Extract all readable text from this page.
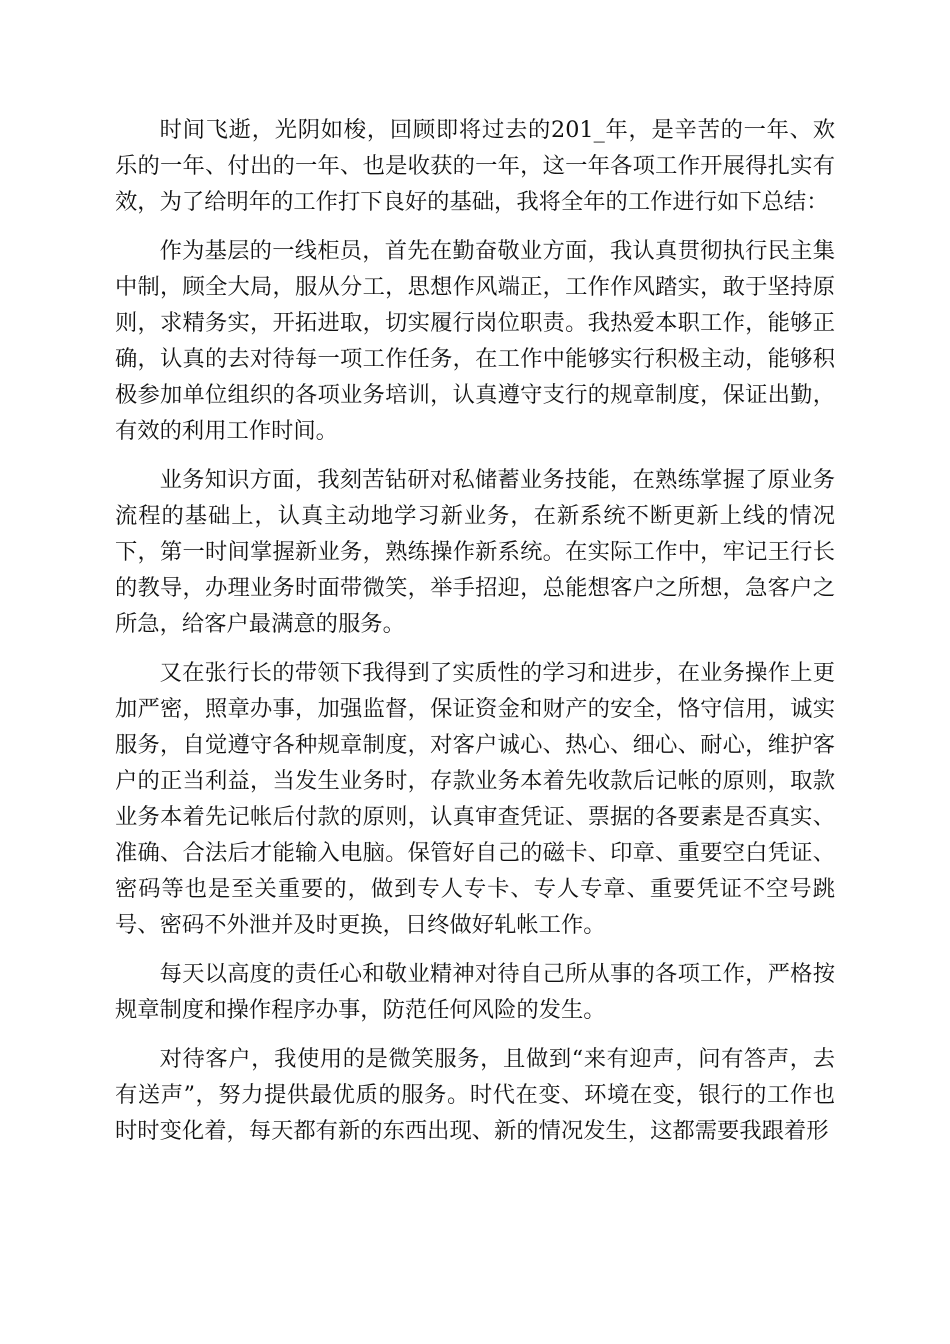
时间飞逝，光阴如梭，回顾即将过去的201_年，是辛苦的一年、欢乐的一年、付出的一年、也是收获的一年，这一年各项工作开展得扎实有效，为了给明年的工作打下良好的基础，我将全年的工作进行如下总结：

作为基层的一线柜员，首先在勤奋敬业方面，我认真贯彻执行民主集中制，顾全大局，服从分工，思想作风端正，工作作风踏实，敢于坚持原则，求精务实，开拓进取，切实履行岗位职责。我热爱本职工作，能够正确，认真的去对待每一项工作任务，在工作中能够实行积极主动，能够积极参加单位组织的各项业务培训，认真遵守支行的规章制度，保证出勤，有效的利用工作时间。

业务知识方面，我刻苦钻研对私储蓄业务技能，在熟练掌握了原业务流程的基础上，认真主动地学习新业务，在新系统不断更新上线的情况下，第一时间掌握新业务，熟练操作新系统。在实际工作中，牢记王行长的教导，办理业务时面带微笑，举手招迎，总能想客户之所想，急客户之所急，给客户最满意的服务。

又在张行长的带领下我得到了实质性的学习和进步，在业务操作上更加严密，照章办事，加强监督，保证资金和财产的安全，恪守信用，诚实服务，自觉遵守各种规章制度，对客户诚心、热心、细心、耐心，维护客户的正当利益，当发生业务时，存款业务本着先收款后记帐的原则，取款业务本着先记帐后付款的原则，认真审查凭证、票据的各要素是否真实、准确、合法后才能输入电脑。保管好自己的磁卡、印章、重要空白凭证、密码等也是至关重要的，做到专人专卡、专人专章、重要凭证不空号跳号、密码不外泄并及时更换，日终做好轧帐工作。

每天以高度的责任心和敬业精神对待自己所从事的各项工作，严格按规章制度和操作程序办事，防范任何风险的发生。

对待客户，我使用的是微笑服务，且做到“来有迎声，问有答声，去有送声”，努力提供最优质的服务。时代在变、环境在变，银行的工作也时时变化着，每天都有新的东西出现、新的情况发生，这都需要我跟着形
